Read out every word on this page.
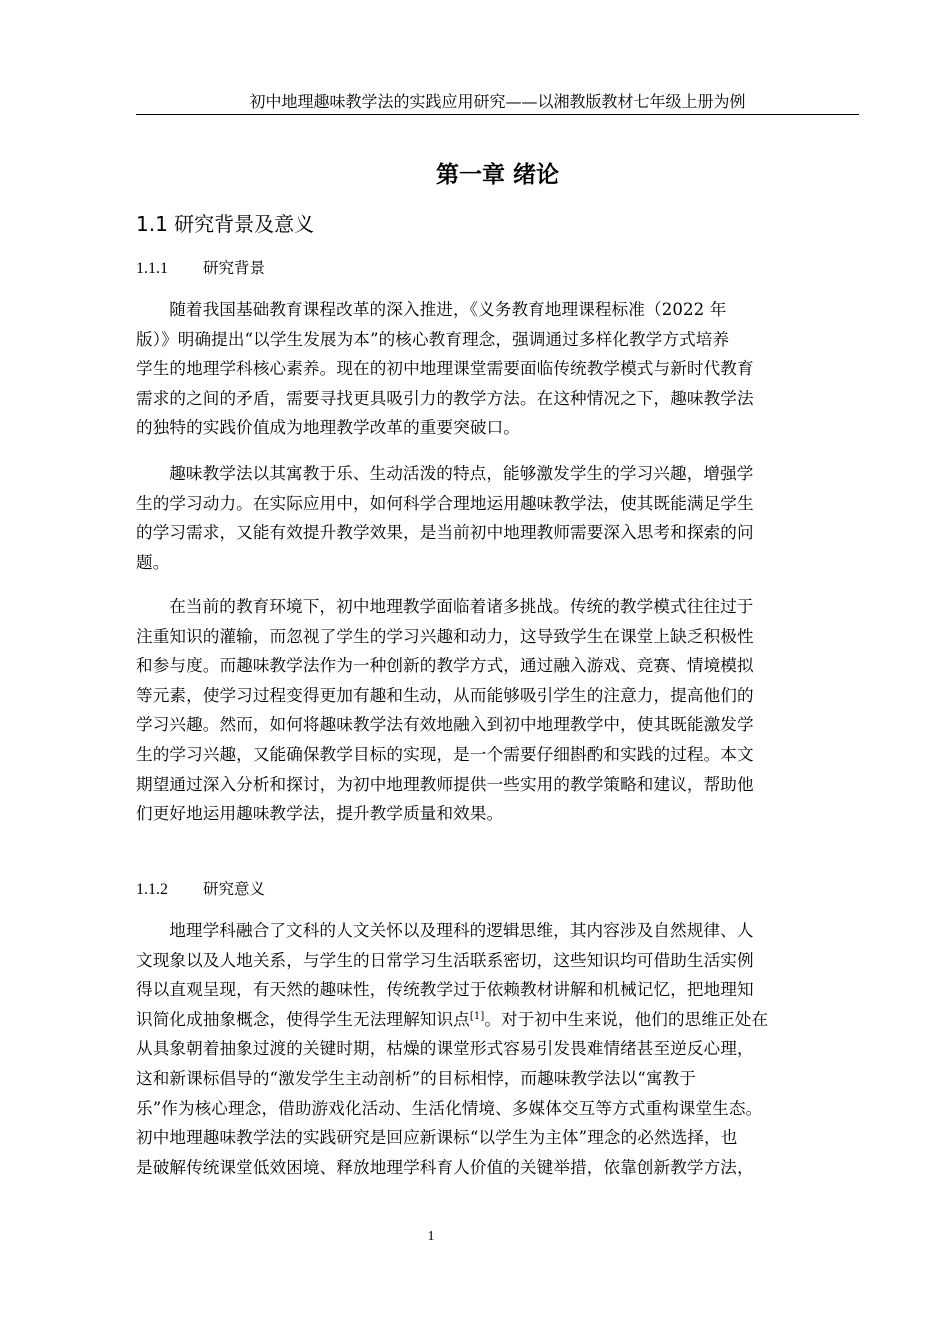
初中地理趣味教学法的实践应用研究——以湘教版教材七年级上册为例
第一章 绪论
1.1 研究背景及意义
1.1.1 研究背景
随着我国基础教育课程改革的深入推进，《义务教育地理课程标准（2022 年
版）》明确提出“以学生发展为本”的核心教育理念，强调通过多样化教学方式培养
学生的地理学科核心素养。现在的初中地理课堂需要面临传统教学模式与新时代教育
需求的之间的矛盾，需要寻找更具吸引力的教学方法。在这种情况之下，趣味教学法
的独特的实践价值成为地理教学改革的重要突破口。
趣味教学法以其寓教于乐、生动活泼的特点，能够激发学生的学习兴趣，增强学
生的学习动力。在实际应用中，如何科学合理地运用趣味教学法，使其既能满足学生
的学习需求，又能有效提升教学效果，是当前初中地理教师需要深入思考和探索的问
题。
在当前的教育环境下，初中地理教学面临着诸多挑战。传统的教学模式往往过于
注重知识的灌输，而忽视了学生的学习兴趣和动力，这导致学生在课堂上缺乏积极性
和参与度。而趣味教学法作为一种创新的教学方式，通过融入游戏、竞赛、情境模拟
等元素，使学习过程变得更加有趣和生动，从而能够吸引学生的注意力，提高他们的
学习兴趣。然而，如何将趣味教学法有效地融入到初中地理教学中，使其既能激发学
生的学习兴趣，又能确保教学目标的实现，是一个需要仔细斟酌和实践的过程。本文
期望通过深入分析和探讨，为初中地理教师提供一些实用的教学策略和建议，帮助他
们更好地运用趣味教学法，提升教学质量和效果。
1.1.2 研究意义
地理学科融合了文科的人文关怀以及理科的逻辑思维，其内容涉及自然规律、人
文现象以及人地关系，与学生的日常学习生活联系密切，这些知识均可借助生活实例
得以直观呈现，有天然的趣味性，传统教学过于依赖教材讲解和机械记忆，把地理知
识简化成抽象概念，使得学生无法理解知识点[1]。对于初中生来说，他们的思维正处在
从具象朝着抽象过渡的关键时期，枯燥的课堂形式容易引发畏难情绪甚至逆反心理，
这和新课标倡导的“激发学生主动剖析”的目标相悖，而趣味教学法以“寓教于
乐”作为核心理念，借助游戏化活动、生活化情境、多媒体交互等方式重构课堂生态。
初中地理趣味教学法的实践研究是回应新课标“以学生为主体”理念的必然选择，也
是破解传统课堂低效困境、释放地理学科育人价值的关键举措，依靠创新教学方法，
1
